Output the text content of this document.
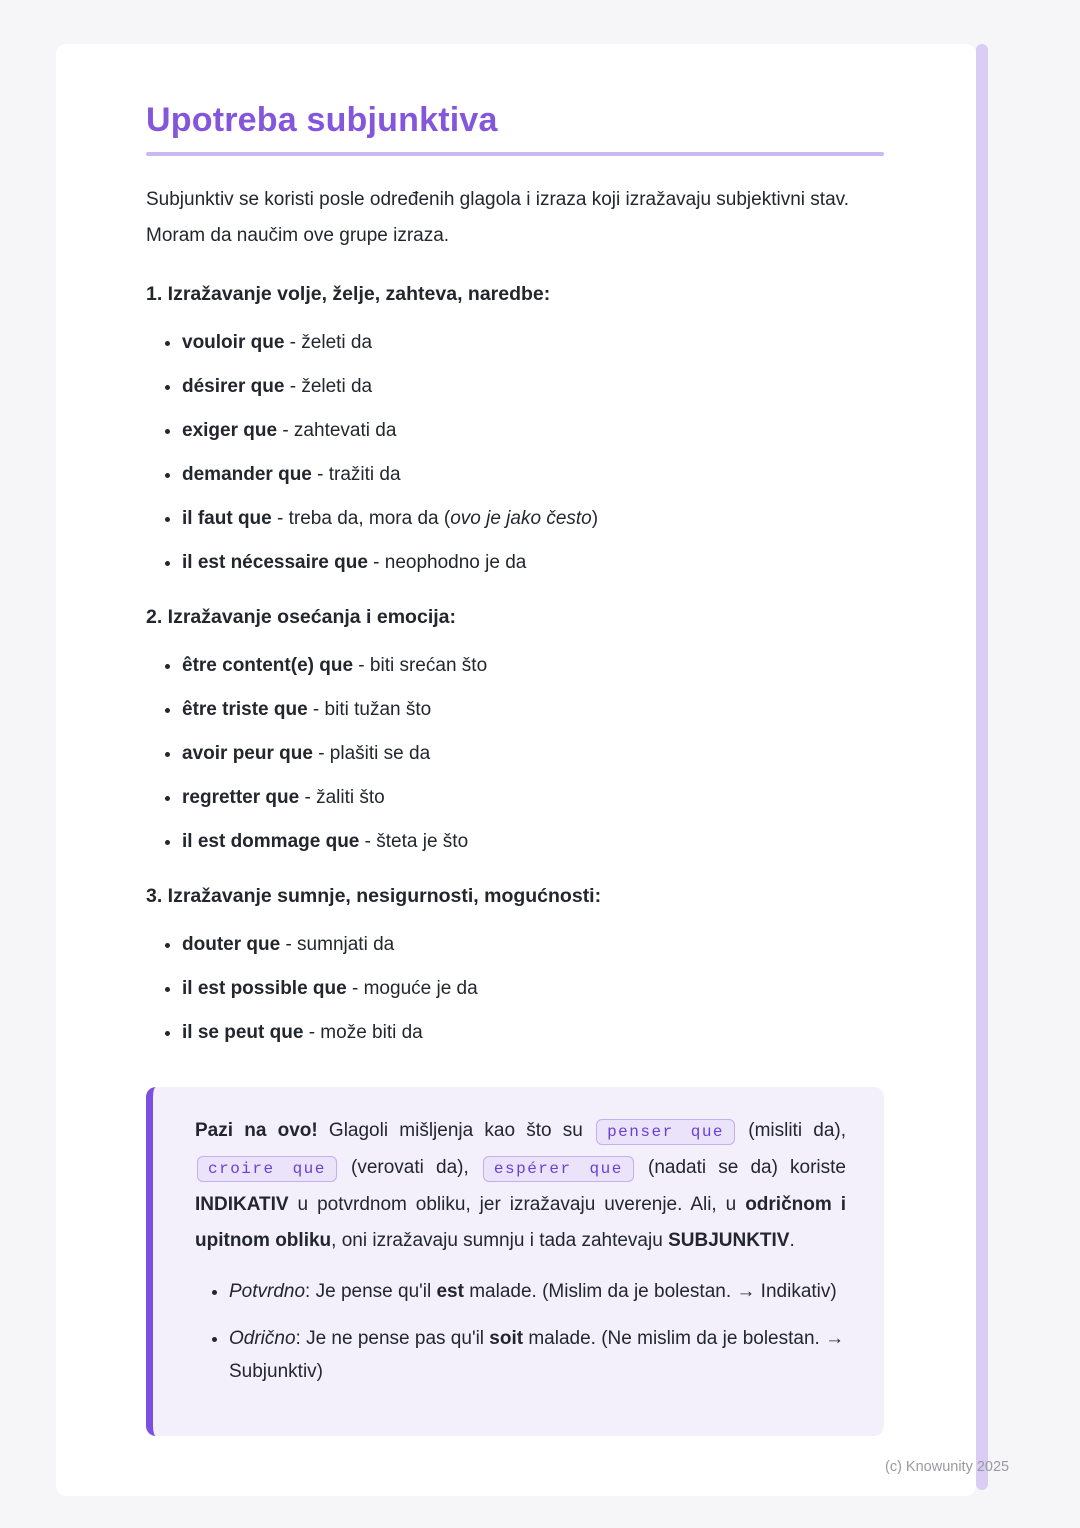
Upotreba subjunktiva

Subjunktiv se koristi posle određenih glagola i izraza koji izražavaju subjektivni stav. Moram da naučim ove grupe izraza.

1. Izražavanje volje, želje, zahteva, naredbe:
• vouloir que - želeti da
• désirer que - želeti da
• exiger que - zahtevati da
• demander que - tražiti da
• il faut que - treba da, mora da (ovo je jako često)
• il est nécessaire que - neophodno je da
2. Izražavanje osećanja i emocija:
• être content(e) que - biti srećan što
• être triste que - biti tužan što
• avoir peur que - plašiti se da
• regretter que - žaliti što
• il est dommage que - šteta je što
3. Izražavanje sumnje, nesigurnosti, mogućnosti:
• douter que - sumnjati da
• il est possible que - moguće je da
• il se peut que - može biti da

Pazi na ovo! Glagoli mišljenja kao što su penser que (misliti da), croire que (verovati da), espérer que (nadati se da) koriste INDIKATIV u potvrdnom obliku, jer izražavaju uverenje. Ali, u odričnom i upitnom obliku, oni izražavaju sumnju i tada zahtevaju SUBJUNKTIV.

• Potvrdno: Je pense qu'il est malade. (Mislim da je bolestan. → Indikativ)
• Odrično: Je ne pense pas qu'il soit malade. (Ne mislim da je bolestan. → Subjunktiv)
(c) Knowunity 2025
